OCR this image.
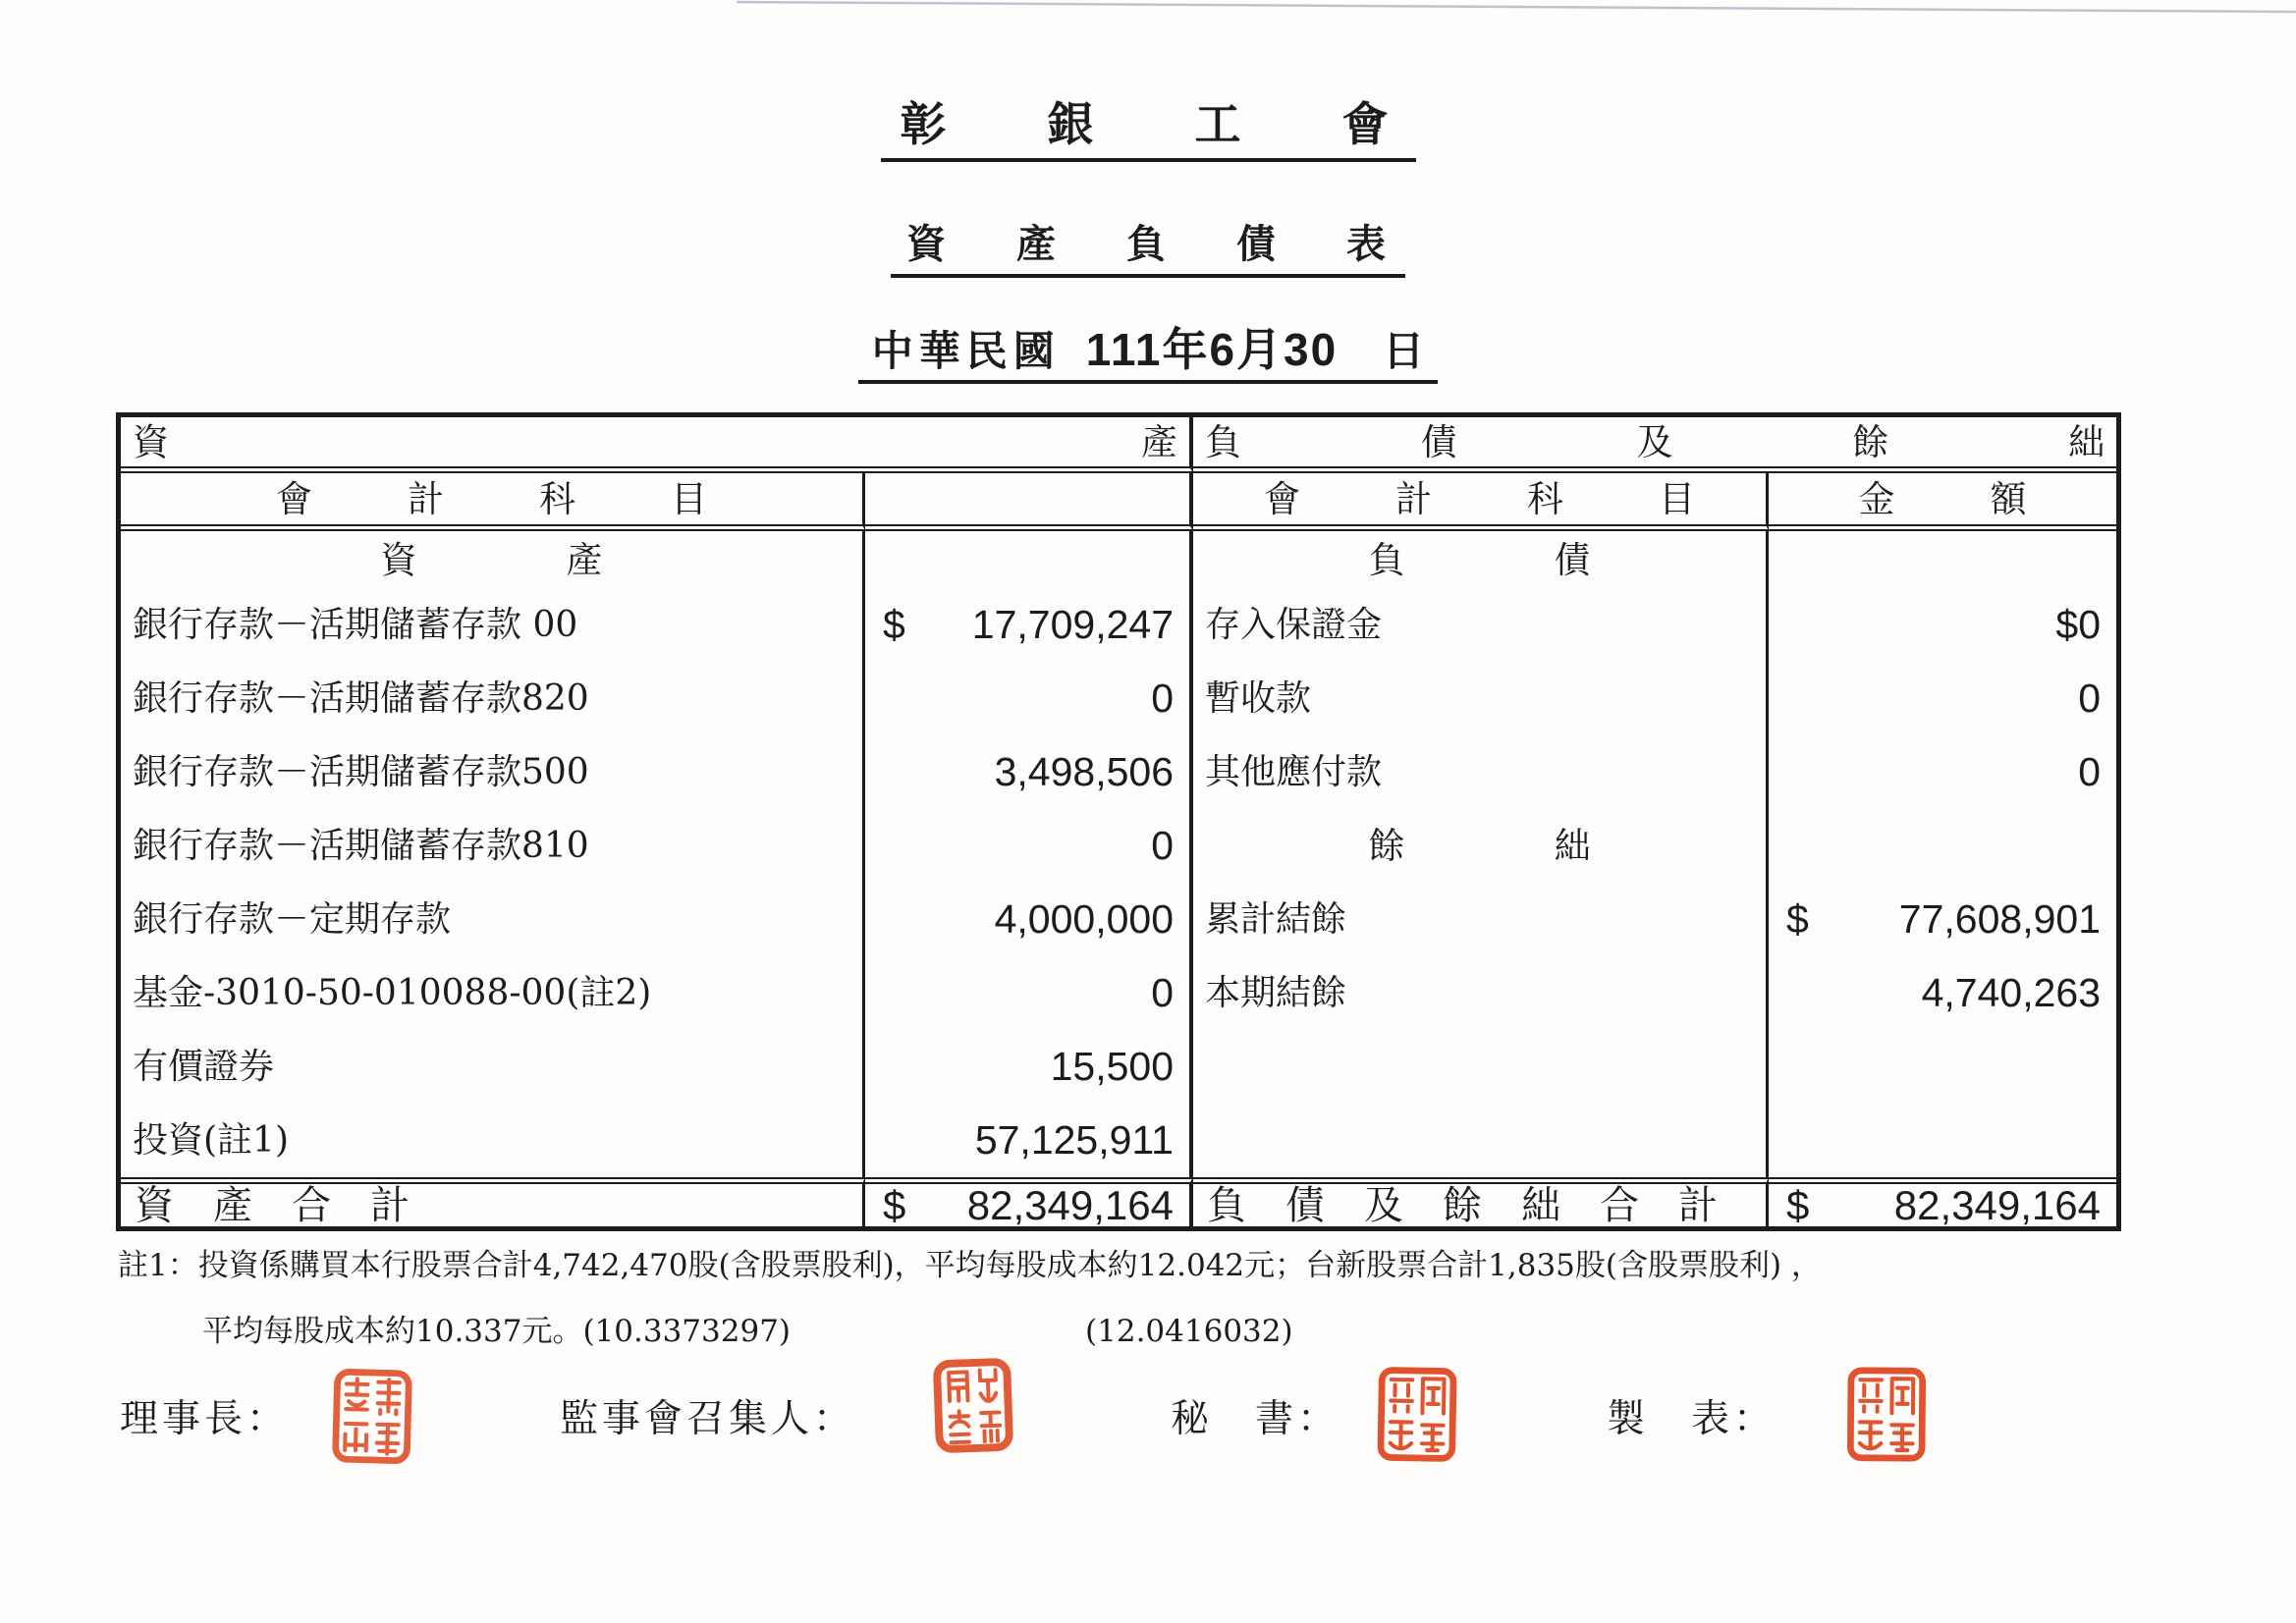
彰　銀　工　會
資　產　負　債　表
中華民國 111年6月30 日
資	產 負	債	及	餘	絀
會　計　科　目	會　計　科　目	金　額
資　　產	負　　債
銀行存款－活期儲蓄存款 00	$ 17,709,247 存入保證金	$0
銀行存款－活期儲蓄存款820	0 暫收款	0
銀行存款－活期儲蓄存款500	3,498,506 其他應付款	0
銀行存款－活期儲蓄存款810	0	餘　　絀
銀行存款－定期存款	4,000,000 累計結餘	$ 77,608,901
基金-3010-50-010088-00(註2)	0 本期結餘	4,740,263
有價證券	15,500
投資(註1)	57,125,911
資　產　合　計	$ 82,349,164 負　債　及　餘　絀　合　計	$ 82,349,164
註1：投資係購買本行股票合計4,742,470股(含股票股利)，平均每股成本約12.042元；台新股票合計1,835股(含股票股利) ，
平均每股成本約10.337元。(10.3373297)	(12.0416032)
理事長：	監事會召集人：	秘　書：	製　表：
